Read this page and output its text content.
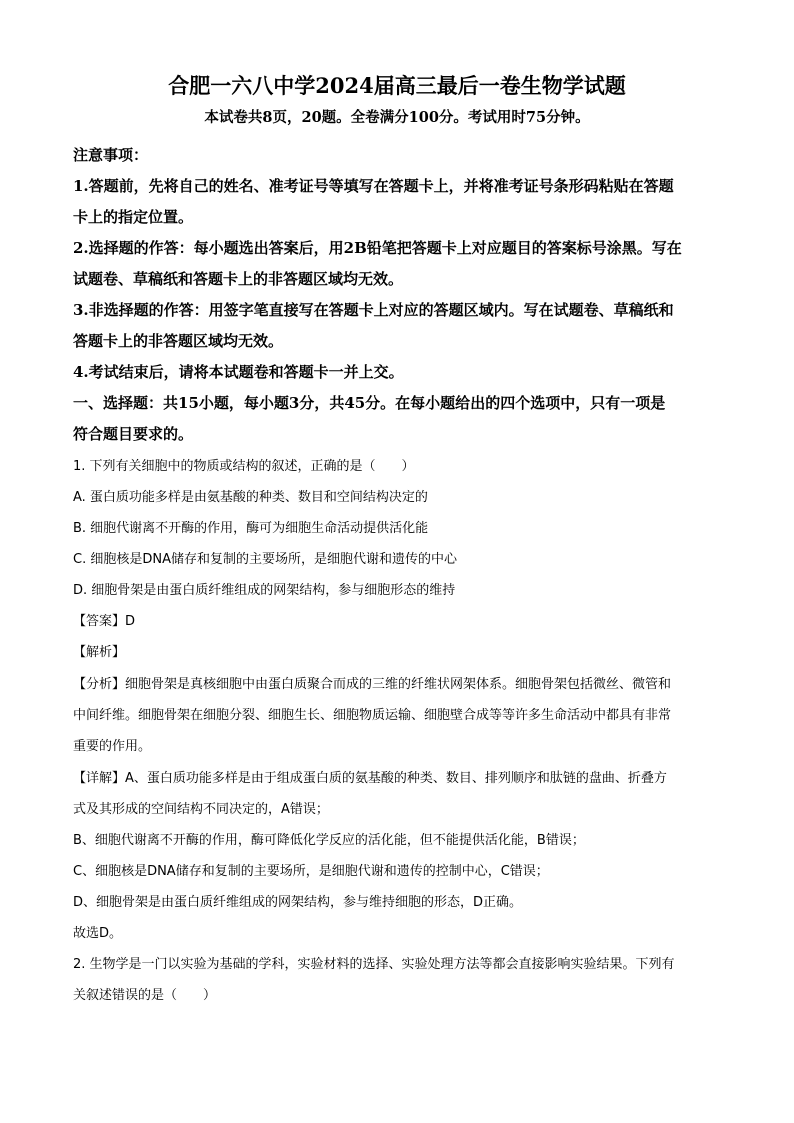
合肥一六八中学2024届高三最后一卷生物学试题
本试卷共8页，20题。全卷满分100分。考试用时75分钟。
注意事项：
1.答题前，先将自己的姓名、准考证号等填写在答题卡上，并将准考证号条形码粘贴在答题
卡上的指定位置。
2.选择题的作答：每小题选出答案后，用2B铅笔把答题卡上对应题目的答案标号涂黑。写在
试题卷、草稿纸和答题卡上的非答题区域均无效。
3.非选择题的作答：用签字笔直接写在答题卡上对应的答题区域内。写在试题卷、草稿纸和
答题卡上的非答题区域均无效。
4.考试结束后，请将本试题卷和答题卡一并上交。
一、选择题：共15小题，每小题3分，共45分。在每小题给出的四个选项中，只有一项是
符合题目要求的。
1. 下列有关细胞中的物质或结构的叙述，正确的是（　　）
A. 蛋白质功能多样是由氨基酸的种类、数目和空间结构决定的
B. 细胞代谢离不开酶的作用，酶可为细胞生命活动提供活化能
C. 细胞核是DNA储存和复制的主要场所，是细胞代谢和遗传的中心
D. 细胞骨架是由蛋白质纤维组成的网架结构，参与细胞形态的维持
【答案】D
【解析】
【分析】细胞骨架是真核细胞中由蛋白质聚合而成的三维的纤维状网架体系。细胞骨架包括微丝、微管和
中间纤维。细胞骨架在细胞分裂、细胞生长、细胞物质运输、细胞壁合成等等许多生命活动中都具有非常
重要的作用。
【详解】A、蛋白质功能多样是由于组成蛋白质的氨基酸的种类、数目、排列顺序和肽链的盘曲、折叠方
式及其形成的空间结构不同决定的，A错误；
B、细胞代谢离不开酶的作用，酶可降低化学反应的活化能，但不能提供活化能，B错误；
C、细胞核是DNA储存和复制的主要场所，是细胞代谢和遗传的控制中心，C错误；
D、细胞骨架是由蛋白质纤维组成的网架结构，参与维持细胞的形态，D正确。
故选D。
2. 生物学是一门以实验为基础的学科，实验材料的选择、实验处理方法等都会直接影响实验结果。下列有
关叙述错误的是（　　）
